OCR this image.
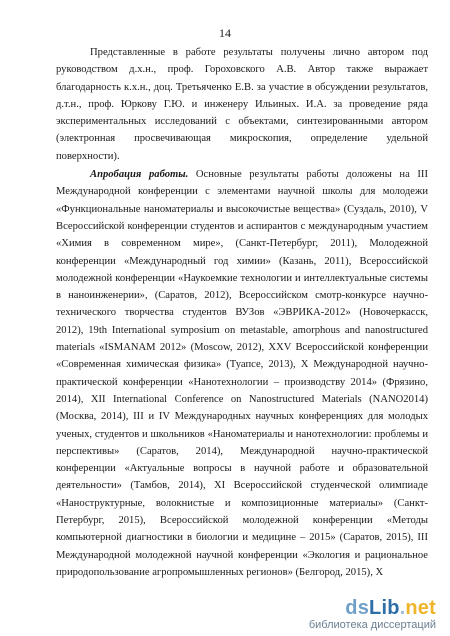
14

Представленные в работе результаты получены лично автором под руководством д.х.н., проф. Гороховского А.В. Автор также выражает благодарность к.х.н., доц. Третьяченко Е.В. за участие в обсуждении результатов, д.т.н., проф. Юркову Г.Ю. и инженеру Ильиных. И.А. за проведение ряда экспериментальных исследований с объектами, синтезированными автором (электронная просвечивающая микроскопия, определение удельной поверхности).

Апробация работы. Основные результаты работы доложены на III Международной конференции с элементами научной школы для молодежи «Функциональные наноматериалы и высокочистые вещества» (Суздаль, 2010), V Всероссийской конференции студентов и аспирантов с международным участием «Химия в современном мире», (Санкт-Петербург, 2011), Молодежной конференции «Международный год химии» (Казань, 2011), Всероссийской молодежной конференции «Наукоемкие технологии и интеллектуальные системы в наноинженерии», (Саратов, 2012), Всероссийском смотр-конкурсе научно-технического творчества студентов ВУЗов «ЭВРИКА-2012» (Новочеркасск, 2012), 19th International symposium on metastable, amorphous and nanostructured materials «ISMANAM 2012» (Moscow, 2012), XXV Всероссийской конференции «Современная химическая физика» (Туапсе, 2013), X Международной научно-практической конференции «Нанотехнологии – производству 2014» (Фрязино, 2014), XII International Conference on Nanostructured Materials (NANO2014) (Москва, 2014), III и IV Международных научных конференциях для молодых ученых, студентов и школьников «Наноматериалы и нанотехнологии: проблемы и перспективы» (Саратов, 2014), Международной научно-практической конференции «Актуальные вопросы в научной работе и образовательной деятельности» (Тамбов, 2014), XI Всероссийской студенческой олимпиаде «Наноструктурные, волокнистые и композиционные материалы» (Санкт-Петербург, 2015), Всероссийской молодежной конференции «Методы компьютерной диагностики в биологии и медицине – 2015» (Саратов, 2015), III Международной молодежной научной конференции «Экология и рациональное природопользование агропромышленных регионов» (Белгород, 2015), X

dsLib.net
библиотека диссертаций
